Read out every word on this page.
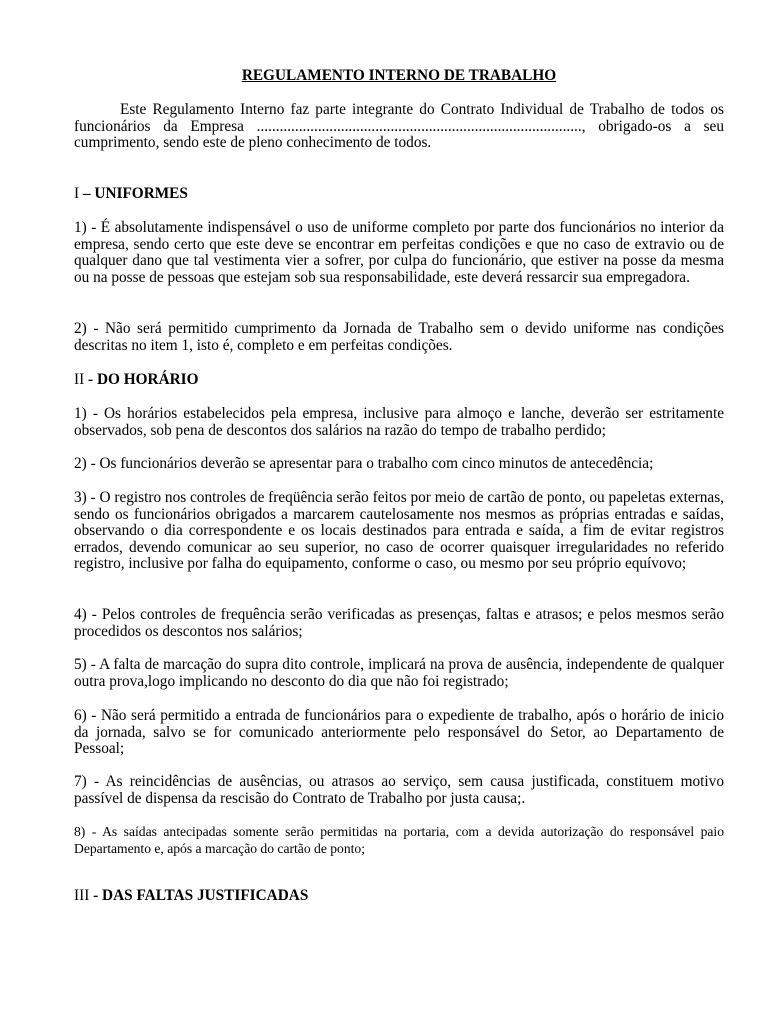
REGULAMENTO INTERNO DE TRABALHO

Este Regulamento Interno faz parte integrante do Contrato Individual de Trabalho de todos os funcionários da Empresa ....................................................................................., obrigado-os a seu cumprimento, sendo este de pleno conhecimento de todos.

I – UNIFORMES

1) - É absolutamente indispensável o uso de uniforme completo por parte dos funcionários no interior da empresa, sendo certo que este deve se encontrar em perfeitas condições e que no caso de extravio ou de qualquer dano que tal vestimenta vier a sofrer, por culpa do funcionário, que estiver na posse da mesma ou na posse de pessoas que estejam sob sua responsabilidade, este deverá ressarcir sua empregadora.

2) - Não será permitido cumprimento da Jornada de Trabalho sem o devido uniforme nas condições descritas no item 1, isto é, completo e em perfeitas condições.

II - DO HORÁRIO

1) - Os horários estabelecidos pela empresa, inclusive para almoço e lanche, deverão ser estritamente observados, sob pena de descontos dos salários na razão do tempo de trabalho perdido;

2) - Os funcionários deverão se apresentar para o trabalho com cinco minutos de antecedência;

3) - O registro nos controles de freqüência serão feitos por meio de cartão de ponto, ou papeletas externas, sendo os funcionários obrigados a marcarem cautelosamente nos mesmos as próprias entradas e saídas, observando o dia correspondente e os locais destinados para entrada e saída, a fim de evitar registros errados, devendo comunicar ao seu superior, no caso de ocorrer quaisquer irregularidades no referido registro, inclusive por falha do equipamento, conforme o caso, ou mesmo por seu próprio equívovo;

4) - Pelos controles de frequência serão verificadas as presenças, faltas e atrasos; e pelos mesmos serão procedidos os descontos nos salários;

5) - A falta de marcação do supra dito controle, implicará na prova de ausência, independente de qualquer outra prova,logo implicando no desconto do dia que não foi registrado;

6) - Não será permitido a entrada de funcionários para o expediente de trabalho, após o horário de inicio da jornada, salvo se for comunicado anteriormente pelo responsável do Setor, ao Departamento de Pessoal;

7) - As reincidências de ausências, ou atrasos ao serviço, sem causa justificada, constituem motivo passível de dispensa da rescisão do Contrato de Trabalho por justa causa;.

8) - As saídas antecipadas somente serão permitidas na portaria, com a devida autorização do responsável paio Departamento e, após a marcação do cartão de ponto;

III - DAS FALTAS JUSTIFICADAS
